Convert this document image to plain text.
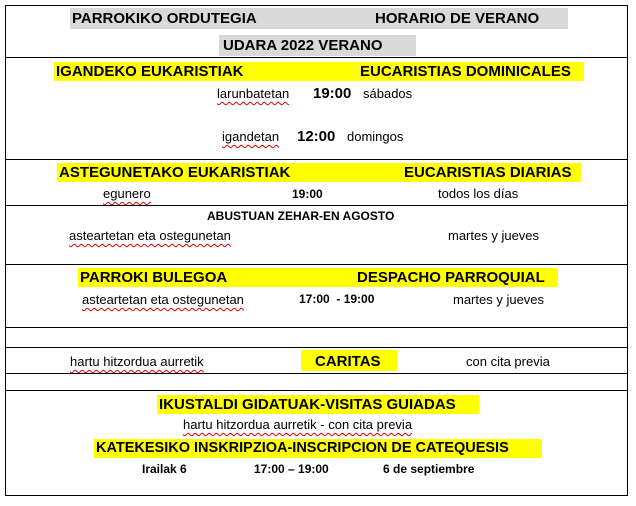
PARROKIKO ORDUTEGIA	HORARIO DE VERANO
UDARA 2022 VERANO
IGANDEKO EUKARISTIAK	EUCARISTIAS DOMINICALES
larunbatetan 19:00 sábados
igandetan 12:00 domingos
ASTEGUNETAKO EUKARISTIAK	EUCARISTIAS DIARIAS
egunero	19:00	todos los días
ABUSTUAN ZEHAR-EN AGOSTO
asteartetan eta ostegunetan	martes y jueves
PARROKI BULEGOA	DESPACHO PARROQUIAL
asteartetan eta ostegunetan	17:00  - 19:00	martes y jueves
hartu hitzordua aurretik	CARITAS	con cita previa
IKUSTALDI GIDATUAK-VISITAS GUIADAS
hartu hitzordua aurretik - con cita previa
KATEKESIKO INSKRIPZIOA-INSCRIPCION DE CATEQUESIS
Irailak 6	17:00 – 19:00	6 de septiembre
